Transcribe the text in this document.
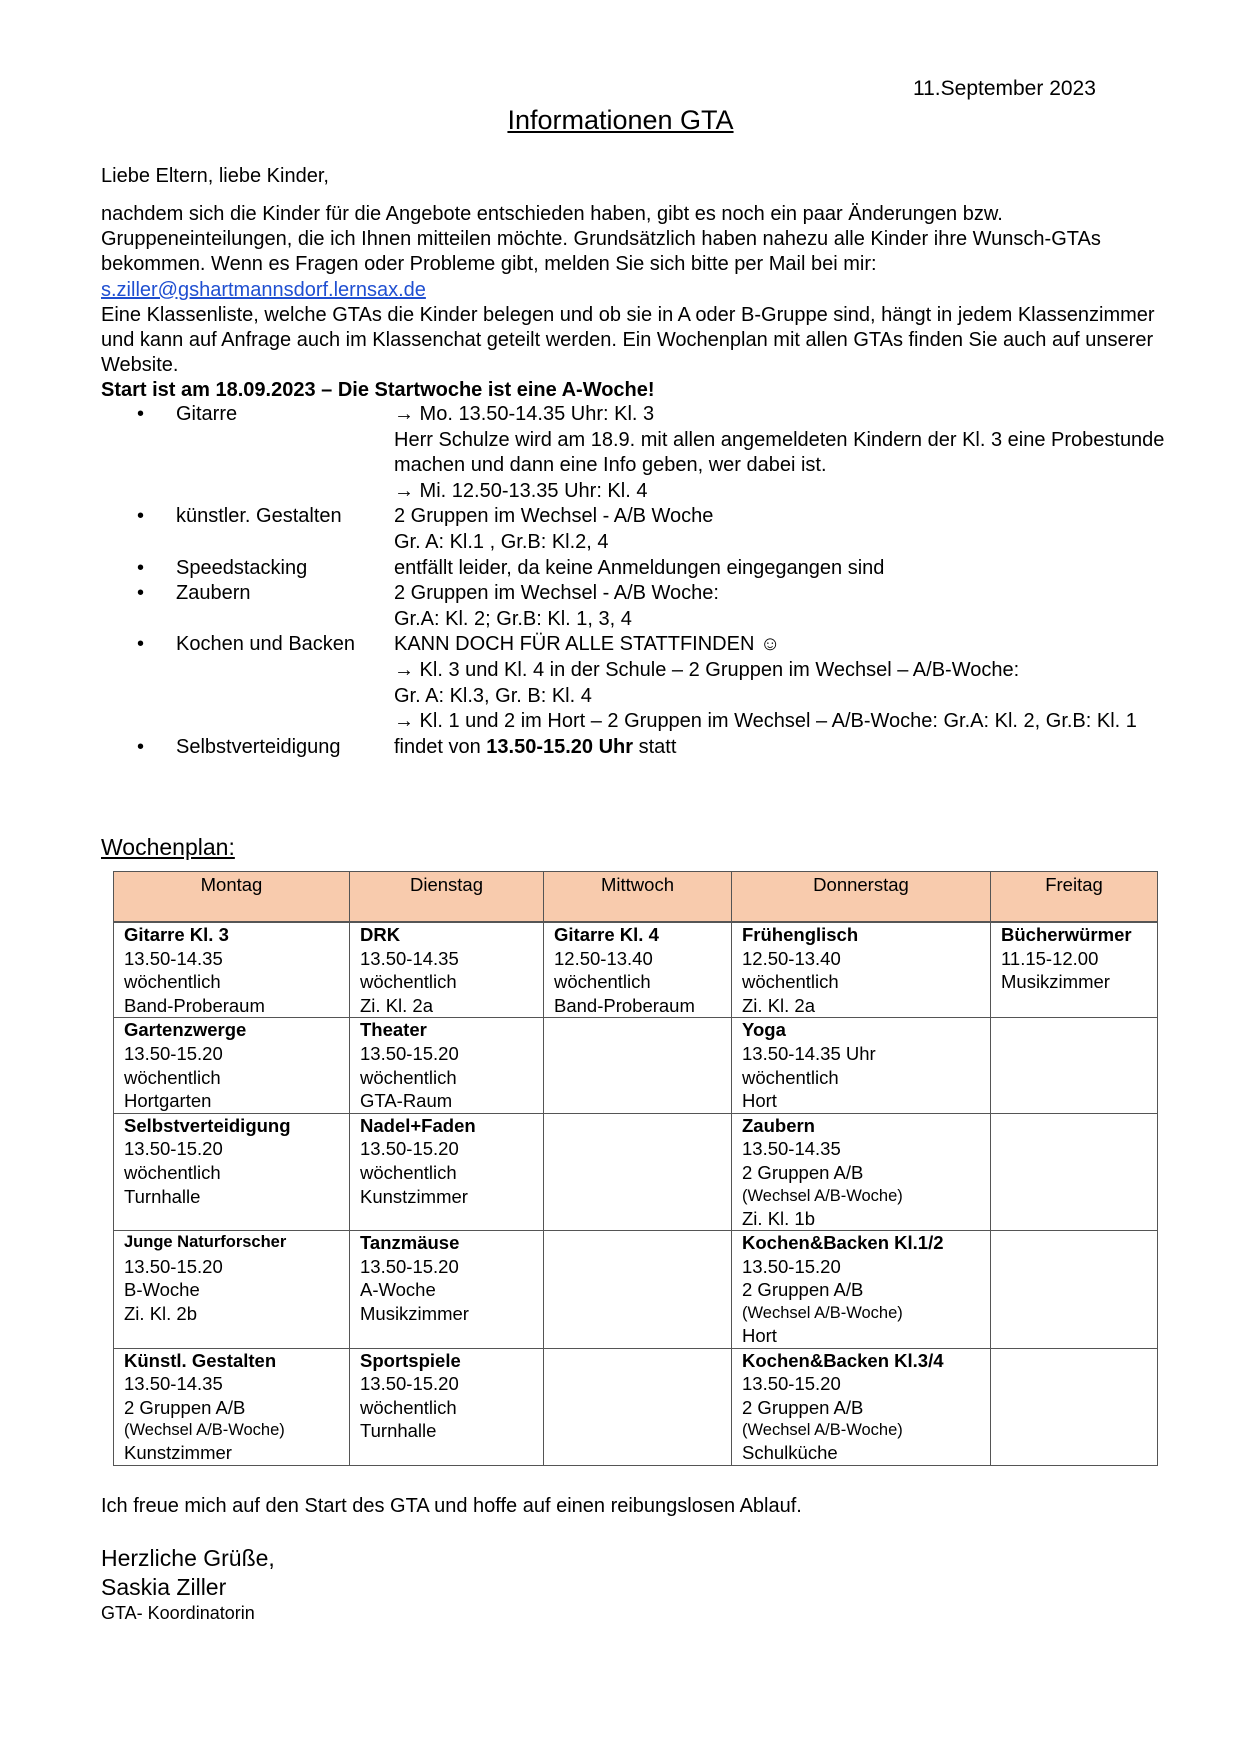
11.September 2023
Informationen GTA
Liebe Eltern, liebe Kinder,
nachdem sich die Kinder für die Angebote entschieden haben, gibt es noch ein paar Änderungen bzw. Gruppeneinteilungen, die ich Ihnen mitteilen möchte. Grundsätzlich haben nahezu alle Kinder ihre Wunsch-GTAs bekommen. Wenn es Fragen oder Probleme gibt, melden Sie sich bitte per Mail bei mir:
s.ziller@gshartmannsdorf.lernsax.de
Eine Klassenliste, welche GTAs die Kinder belegen und ob sie in A oder B-Gruppe sind, hängt in jedem Klassenzimmer und kann auf Anfrage auch im Klassenchat geteilt werden. Ein Wochenplan mit allen GTAs finden Sie auch auf unserer Website.
Start ist am 18.09.2023 – Die Startwoche ist eine A-Woche!
•	Gitarre	→ Mo. 13.50-14.35 Uhr: Kl. 3
Herr Schulze wird am 18.9. mit allen angemeldeten Kindern der Kl. 3 eine Probestunde machen und dann eine Info geben, wer dabei ist.
→ Mi. 12.50-13.35 Uhr: Kl. 4
•	künstler. Gestalten	2 Gruppen im Wechsel - A/B Woche
Gr. A: Kl.1 , Gr.B: Kl.2, 4
•	Speedstacking	entfällt leider, da keine Anmeldungen eingegangen sind
•	Zaubern	2 Gruppen im Wechsel - A/B Woche:
Gr.A: Kl. 2; Gr.B: Kl. 1, 3, 4
•	Kochen und Backen	KANN DOCH FÜR ALLE STATTFINDEN ☺
→ Kl. 3 und Kl. 4 in der Schule – 2 Gruppen im Wechsel – A/B-Woche:
Gr. A: Kl.3, Gr. B: Kl. 4
→ Kl. 1 und 2 im Hort – 2 Gruppen im Wechsel – A/B-Woche: Gr.A: Kl. 2, Gr.B: Kl. 1
•	Selbstverteidigung	findet von 13.50-15.20 Uhr statt
Wochenplan:
Montag	Dienstag	Mittwoch	Donnerstag	Freitag

Gitarre Kl. 3
13.50-14.35
wöchentlich
Band-Proberaum	DRK
13.50-14.35
wöchentlich
Zi. Kl. 2a	Gitarre Kl. 4
12.50-13.40
wöchentlich
Band-Proberaum	Frühenglisch
12.50-13.40
wöchentlich
Zi. Kl. 2a	Bücherwürmer
11.15-12.00
Musikzimmer

Gartenzwerge
13.50-15.20
wöchentlich
Hortgarten	Theater
13.50-15.20
wöchentlich
GTA-Raum		Yoga
13.50-14.35 Uhr
wöchentlich
Hort	

Selbstverteidigung
13.50-15.20
wöchentlich
Turnhalle	Nadel+Faden
13.50-15.20
wöchentlich
Kunstzimmer		Zaubern
13.50-14.35
2 Gruppen A/B
(Wechsel A/B-Woche)
Zi. Kl. 1b	

Junge Naturforscher
13.50-15.20
B-Woche
Zi. Kl. 2b	Tanzmäuse
13.50-15.20
A-Woche
Musikzimmer		Kochen&Backen Kl.1/2
13.50-15.20
2 Gruppen A/B
(Wechsel A/B-Woche)
Hort	

Künstl. Gestalten
13.50-14.35
2 Gruppen A/B
(Wechsel A/B-Woche)
Kunstzimmer	Sportspiele
13.50-15.20
wöchentlich
Turnhalle		Kochen&Backen Kl.3/4
13.50-15.20
2 Gruppen A/B
(Wechsel A/B-Woche)
Schulküche	

Ich freue mich auf den Start des GTA und hoffe auf einen reibungslosen Ablauf.
Herzliche Grüße,
Saskia Ziller
GTA- Koordinatorin
